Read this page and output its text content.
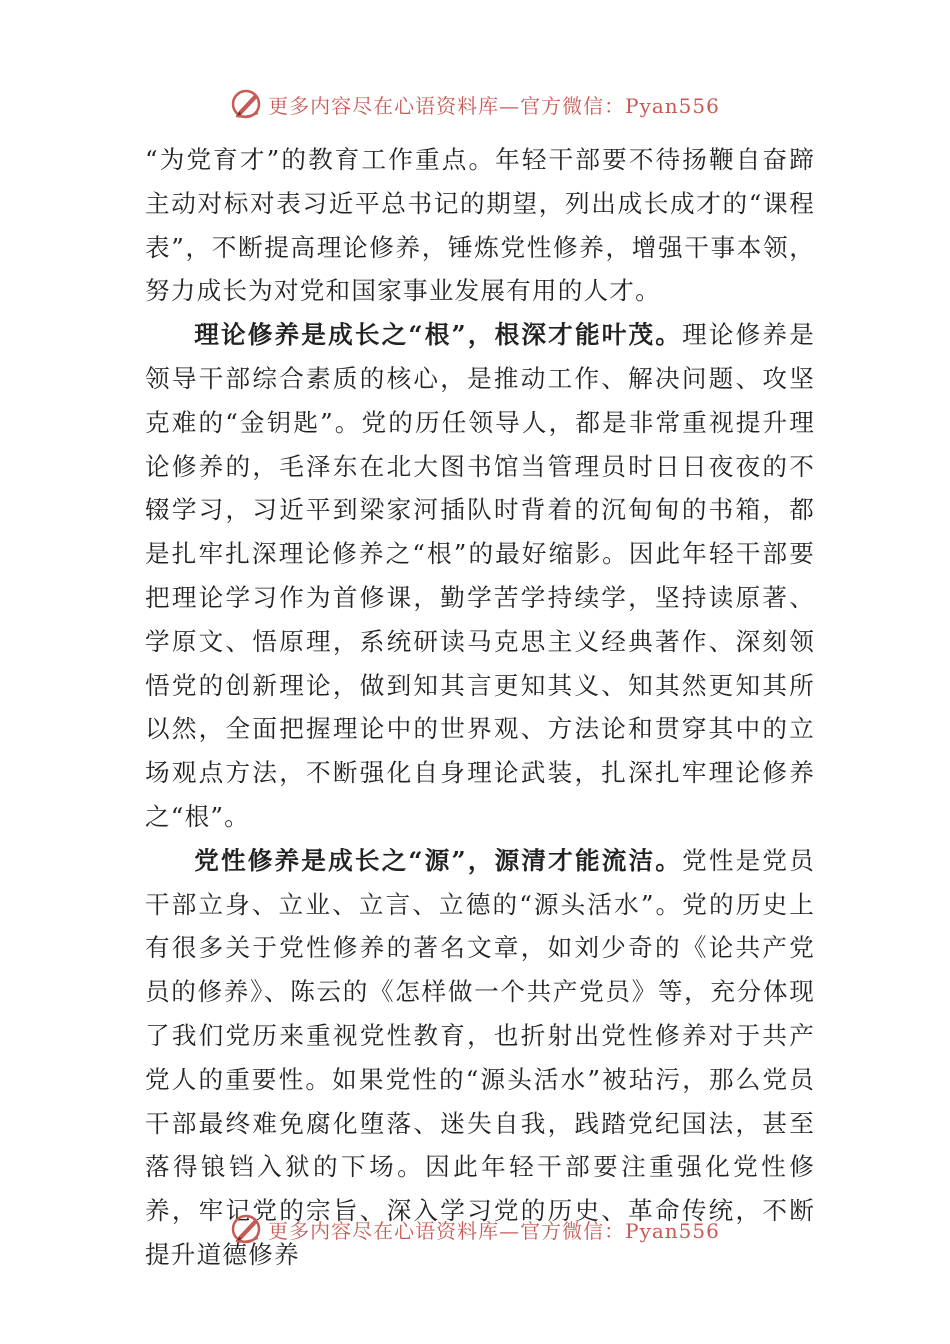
更多内容尽在心语资料库—官方微信：Pyan556

“为党育才”的教育工作重点。年轻干部要不待扬鞭自奋蹄主动对标对表习近平总书记的期望，列出成长成才的“课程表”，不断提高理论修养，锤炼党性修养，增强干事本领，努力成长为对党和国家事业发展有用的人才。

理论修养是成长之“根”，根深才能叶茂。理论修养是领导干部综合素质的核心，是推动工作、解决问题、攻坚克难的“金钥匙”。党的历任领导人，都是非常重视提升理论修养的，毛泽东在北大图书馆当管理员时日日夜夜的不辍学习，习近平到梁家河插队时背着的沉甸甸的书箱，都是扎牢扎深理论修养之“根”的最好缩影。因此年轻干部要把理论学习作为首修课，勤学苦学持续学，坚持读原著、学原文、悟原理，系统研读马克思主义经典著作、深刻领悟党的创新理论，做到知其言更知其义、知其然更知其所以然，全面把握理论中的世界观、方法论和贯穿其中的立场观点方法，不断强化自身理论武装，扎深扎牢理论修养之“根”。

党性修养是成长之“源”，源清才能流洁。党性是党员干部立身、立业、立言、立德的“源头活水”。党的历史上有很多关于党性修养的著名文章，如刘少奇的《论共产党员的修养》、陈云的《怎样做一个共产党员》等，充分体现了我们党历来重视党性教育，也折射出党性修养对于共产党人的重要性。如果党性的“源头活水”被玷污，那么党员干部最终难免腐化堕落、迷失自我，践踏党纪国法，甚至落得锒铛入狱的下场。因此年轻干部要注重强化党性修养，牢记党的宗旨、深入学习党的历史、革命传统，不断提升道德修养

更多内容尽在心语资料库—官方微信：Pyan556
